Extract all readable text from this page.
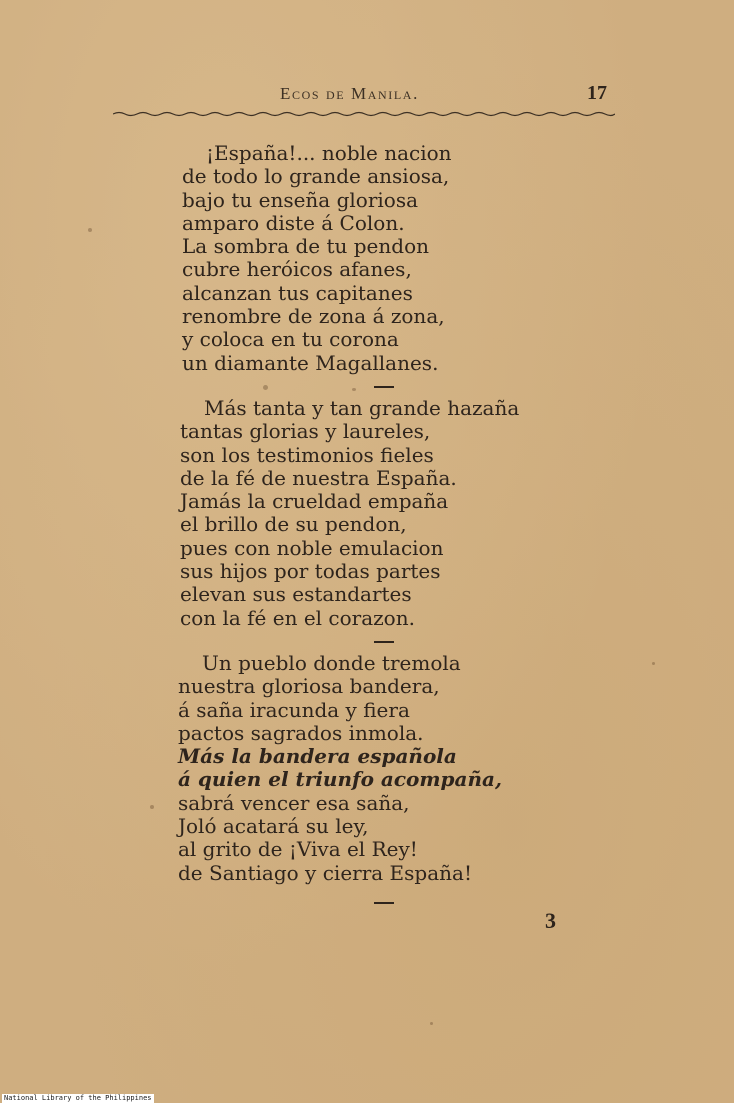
Ecos de Manila.	17
¡España!... noble nacion
de todo lo grande ansiosa,
bajo tu enseña gloriosa
amparo diste á Colon.
La sombra de tu pendon
cubre heróicos afanes,
alcanzan tus capitanes
renombre de zona á zona,
y coloca en tu corona
un diamante Magallanes.
Más tanta y tan grande hazaña
tantas glorias y laureles,
son los testimonios fieles
de la fé de nuestra España.
Jamás la crueldad empaña
el brillo de su pendon,
pues con noble emulacion
sus hijos por todas partes
elevan sus estandartes
con la fé en el corazon.
Un pueblo donde tremola
nuestra gloriosa bandera,
á saña iracunda y fiera
pactos sagrados inmola.
Más la bandera española
á quien el triunfo acompaña,
sabrá vencer esa saña,
Joló acatará su ley,
al grito de ¡Viva el Rey!
de Santiago y cierra España!
3
National Library of the Philippines
